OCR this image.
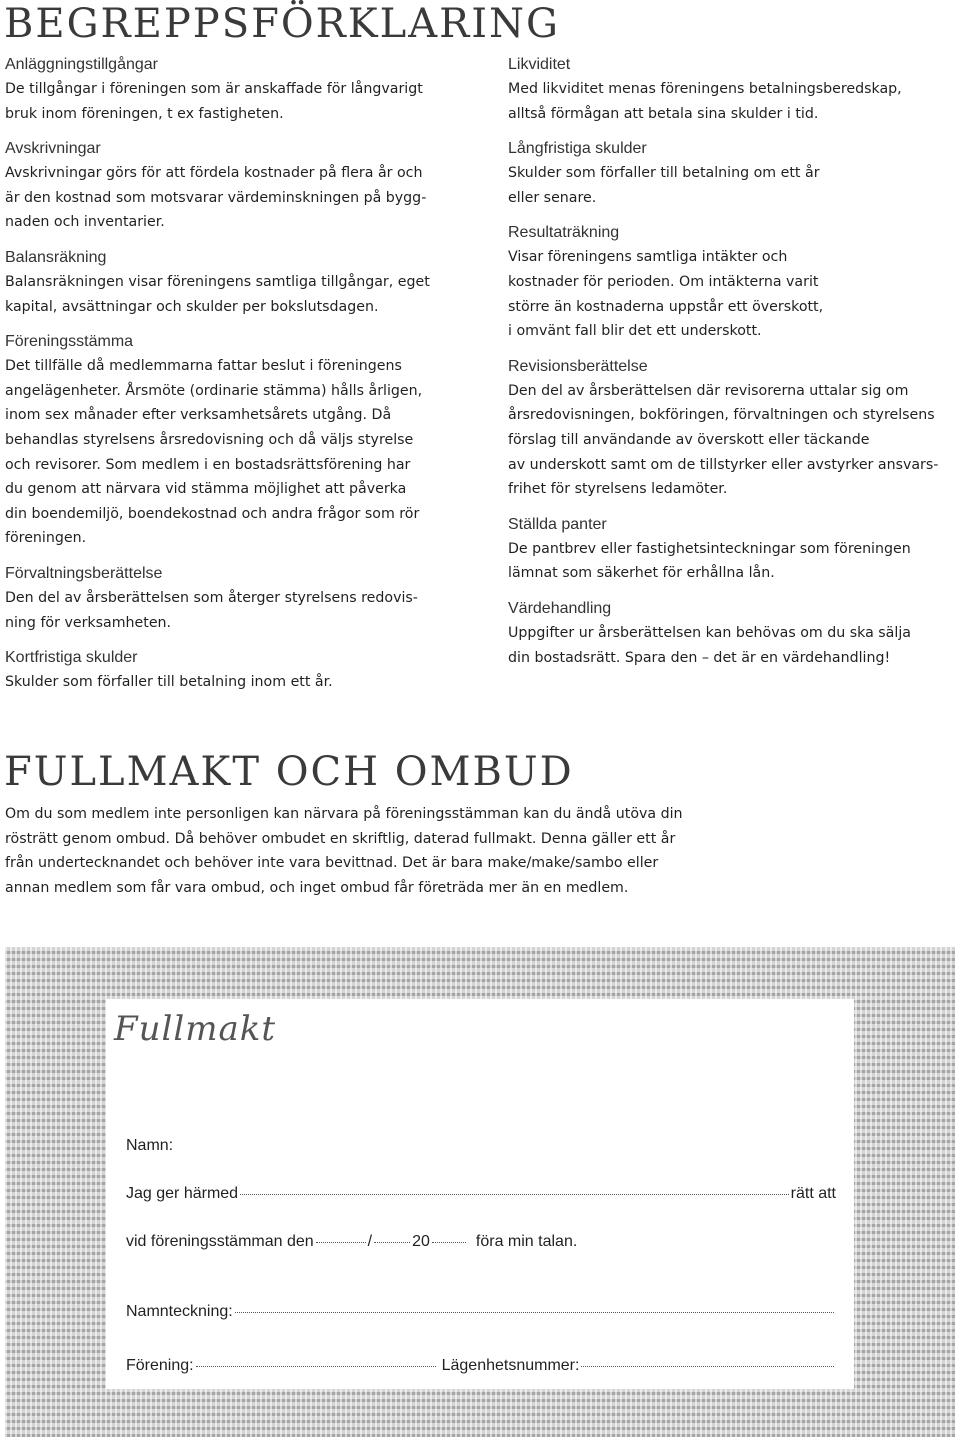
BEGREPPSFÖRKLARING
Anläggningstillgångar
De tillgångar i föreningen som är anskaffade för långvarigt
bruk inom föreningen, t ex fastigheten.
Avskrivningar
Avskrivningar görs för att fördela kostnader på flera år och
är den kostnad som motsvarar värdeminskningen på bygg-
naden och inventarier.
Balansräkning
Balansräkningen visar föreningens samtliga tillgångar, eget
kapital, avsättningar och skulder per bokslutsdagen.
Föreningsstämma
Det tillfälle då medlemmarna fattar beslut i föreningens
angelägenheter. Årsmöte (ordinarie stämma) hålls årligen,
inom sex månader efter verksamhetsårets utgång. Då
behandlas styrelsens årsredovisning och då väljs styrelse
och revisorer. Som medlem i en bostadsrättsförening har
du genom att närvara vid stämma möjlighet att påverka
din boendemiljö, boendekostnad och andra frågor som rör
föreningen.
Förvaltningsberättelse
Den del av årsberättelsen som återger styrelsens redovis-
ning för verksamheten.
Kortfristiga skulder
Skulder som förfaller till betalning inom ett år.
Likviditet
Med likviditet menas föreningens betalningsberedskap,
alltså förmågan att betala sina skulder i tid.
Långfristiga skulder
Skulder som förfaller till betalning om ett år
eller senare.
Resultaträkning
Visar föreningens samtliga intäkter och
kostnader för perioden. Om intäkterna varit
större än kostnaderna uppstår ett överskott,
i omvänt fall blir det ett underskott.
Revisionsberättelse
Den del av årsberättelsen där revisorerna uttalar sig om
årsredovisningen, bokföringen, förvaltningen och styrelsens
förslag till användande av överskott eller täckande
av underskott samt om de tillstyrker eller avstyrker ansvars-
frihet för styrelsens ledamöter.
Ställda panter
De pantbrev eller fastighetsinteckningar som föreningen
lämnat som säkerhet för erhållna lån.
Värdehandling
Uppgifter ur årsberättelsen kan behövas om du ska sälja
din bostadsrätt. Spara den – det är en värdehandling!
FULLMAKT OCH OMBUD
Om du som medlem inte personligen kan närvara på föreningsstämman kan du ändå utöva din
rösträtt genom ombud. Då behöver ombudet en skriftlig, daterad fullmakt. Denna gäller ett år
från undertecknandet och behöver inte vara bevittnad. Det är bara make/make/sambo eller
annan medlem som får vara ombud, och inget ombud får företräda mer än en medlem.
Fullmakt
Namn:
Jag ger härmed	rätt att
vid föreningsstämman den	/	20	föra min talan.
Namnteckning:
Förening:	Lägenhetsnummer:
